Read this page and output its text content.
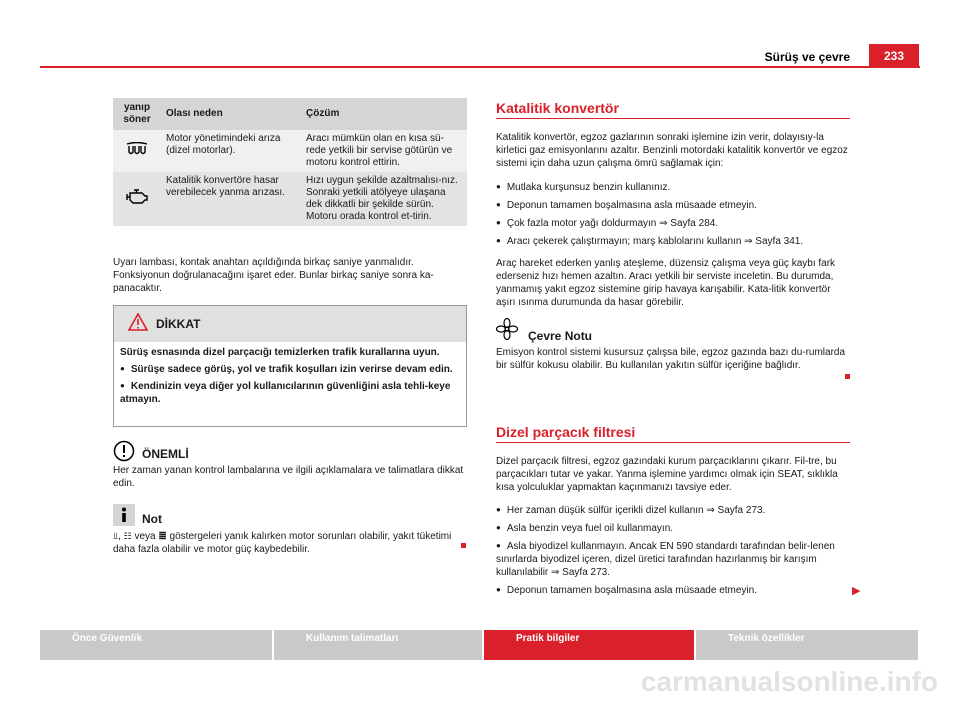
Sürüş ve çevre	233
yanıp söner	Olası neden	Çözüm
	Motor yönetimindeki arıza (dizel motorlar).	Aracı mümkün olan en kısa sü-rede yetkili bir servise götürün ve motoru kontrol ettirin.
	Katalitik konvertöre hasar verebilecek yanma arızası.	Hızı uygun şekilde azaltmalısı-nız. Sonraki yetkili atölyeye ulaşana dek dikkatli bir şekilde sürün. Motoru orada kontrol et-tirin.
Uyarı lambası, kontak anahtarı açıldığında birkaç saniye yanmalıdır. Fonksiyonun doğrulanacağını işaret eder. Bunlar birkaç saniye sonra ka-panacaktır.
DİKKAT

Sürüş esnasında dizel parçacığı temizlerken trafik kurallarına uyun.

● Sürüşe sadece görüş, yol ve trafik koşulları izin verirse devam edin.

● Kendinizin veya diğer yol kullanıcılarının güvenliğini asla tehli-keye atmayın.

ÖNEMLİ
Her zaman yanan kontrol lambalarına ve ilgili açıklamalara ve talimatlara dikkat edin.
Not
⫫, ☷ veya ≣ göstergeleri yanık kalırken motor sorunları olabilir, yakıt tüketimi daha fazla olabilir ve motor güç kaybedebilir.
Katalitik konvertör
Katalitik konvertör, egzoz gazlarının sonraki işlemine izin verir, dolayısıy-la kirletici gaz emisyonlarını azaltır. Benzinli motordaki katalitik konvertör ve egzoz sistemi için daha uzun çalışma ömrü sağlamak için:
● Mutlaka kurşunsuz benzin kullanınız.
● Deponun tamamen boşalmasına asla müsaade etmeyin.
● Çok fazla motor yağı doldurmayın ⇒ Sayfa 284.
● Aracı çekerek çalıştırmayın; marş kablolarını kullanın ⇒ Sayfa 341.
Araç hareket ederken yanlış ateşleme, düzensiz çalışma veya güç kaybı fark ederseniz hızı hemen azaltın. Aracı yetkili bir serviste inceletin. Bu durumda, yanmamış yakıt egzoz sistemine girip havaya karışabilir. Kata-litik konvertör aşırı ısınma durumunda da hasar görebilir.
Çevre Notu
Emisyon kontrol sistemi kusursuz çalışsa bile, egzoz gazında bazı du-rumlarda bir sülfür kokusu olabilir. Bu kullanılan yakıtın sülfür içeriğine bağlıdır.
Dizel parçacık filtresi
Dizel parçacık filtresi, egzoz gazındaki kurum parçacıklarını çıkarır. Fil-tre, bu parçacıkları tutar ve yakar. Yanma işlemine yardımcı olmak için SEAT, sıklıkla kısa yolculuklar yapmaktan kaçınmanızı tavsiye eder.
● Her zaman düşük sülfür içerikli dizel kullanın ⇒ Sayfa 273.
● Asla benzin veya fuel oil kullanmayın.
● Asla biyodizel kullanmayın. Ancak EN 590 standardı tarafından belir-lenen sınırlarda biyodizel içeren, dizel üretici tarafından hazırlanmış bir karışım kullanılabilir ⇒ Sayfa 273.
● Deponun tamamen boşalmasına asla müsaade etmeyin.	▶
Önce Güvenlik	Kullanım talimatları	Pratik bilgiler	Teknik özellikler
carmanualsonline.info
